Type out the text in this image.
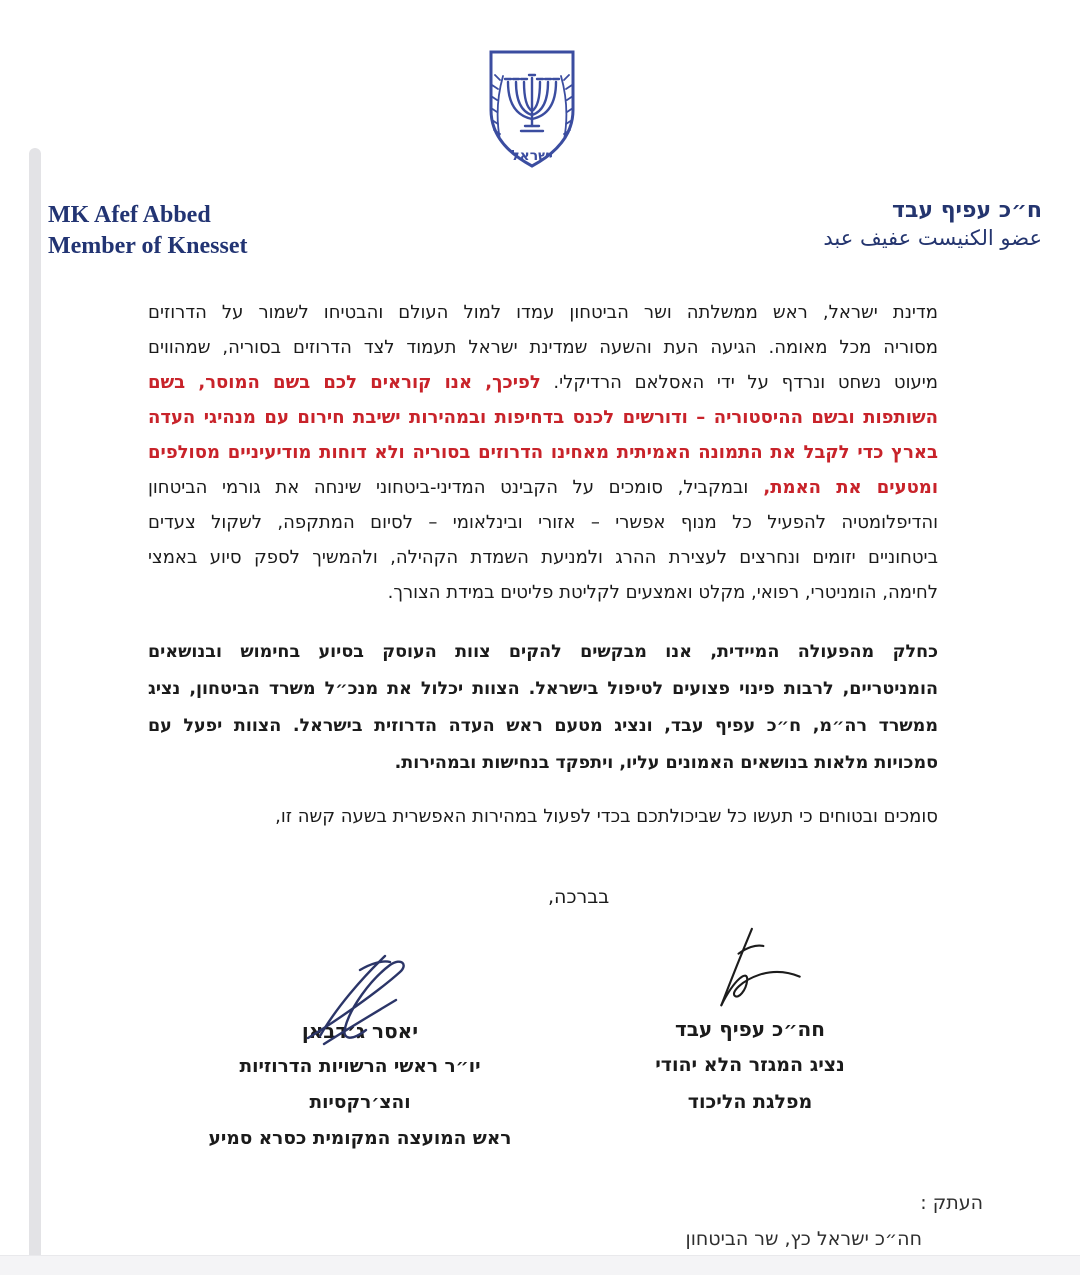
ישראל
MK Afef Abbed
Member of Knesset
ח״כ עפיף עבד
عضو الكنيست عفيف عبد
מדינת ישראל, ראש ממשלתה ושר הביטחון עמדו למול העולם והבטיחו לשמור על הדרוזים
מסוריה מכל מאומה. הגיעה העת והשעה שמדינת ישראל תעמוד לצד הדרוזים בסוריה, שמהווים
מיעוט נשחט ונרדף על ידי האסלאם הרדיקלי. לפיכך, אנו קוראים לכם בשם המוסר, בשם
השותפות ובשם ההיסטוריה – ודורשים לכנס בדחיפות ובמהירות ישיבת חירום עם מנהיגי העדה
בארץ כדי לקבל את התמונה האמיתית מאחינו הדרוזים בסוריה ולא דוחות מודיעיניים מסולפים
ומטעים את האמת, ובמקביל, סומכים על הקבינט המדיני-ביטחוני שינחה את גורמי הביטחון
והדיפלומטיה להפעיל כל מנוף אפשרי – אזורי ובינלאומי – לסיום המתקפה, לשקול צעדים
ביטחוניים יזומים ונחרצים לעצירת ההרג ולמניעת השמדת הקהילה, ולהמשיך לספק סיוע באמצי
לחימה, הומניטרי, רפואי, מקלט ואמצעים לקליטת פליטים במידת הצורך.
כחלק מהפעולה המיידית, אנו מבקשים להקים צוות העוסק בסיוע בחימוש ובנושאים
הומניטריים, לרבות פינוי פצועים לטיפול בישראל. הצוות יכלול את מנכ״ל משרד הביטחון, נציג
ממשרד רה״מ, ח״כ עפיף עבד, ונציג מטעם ראש העדה הדרוזית בישראל. הצוות יפעל עם
סמכויות מלאות בנושאים האמונים עליו, ויתפקד בנחישות ובמהירות.
סומכים ובטוחים כי תעשו כל שביכולתכם בכדי לפעול במהירות האפשרית בשעה קשה זו,
בברכה,
חה״כ עפיף עבד
נציג המגזר הלא יהודי
מפלגת הליכוד
יאסר ג׳דבאן
יו״ר ראשי הרשויות הדרוזיות והצ׳רקסיות
ראש המועצה המקומית כסרא סמיע
העתק :
חה״כ ישראל כץ, שר הביטחון
